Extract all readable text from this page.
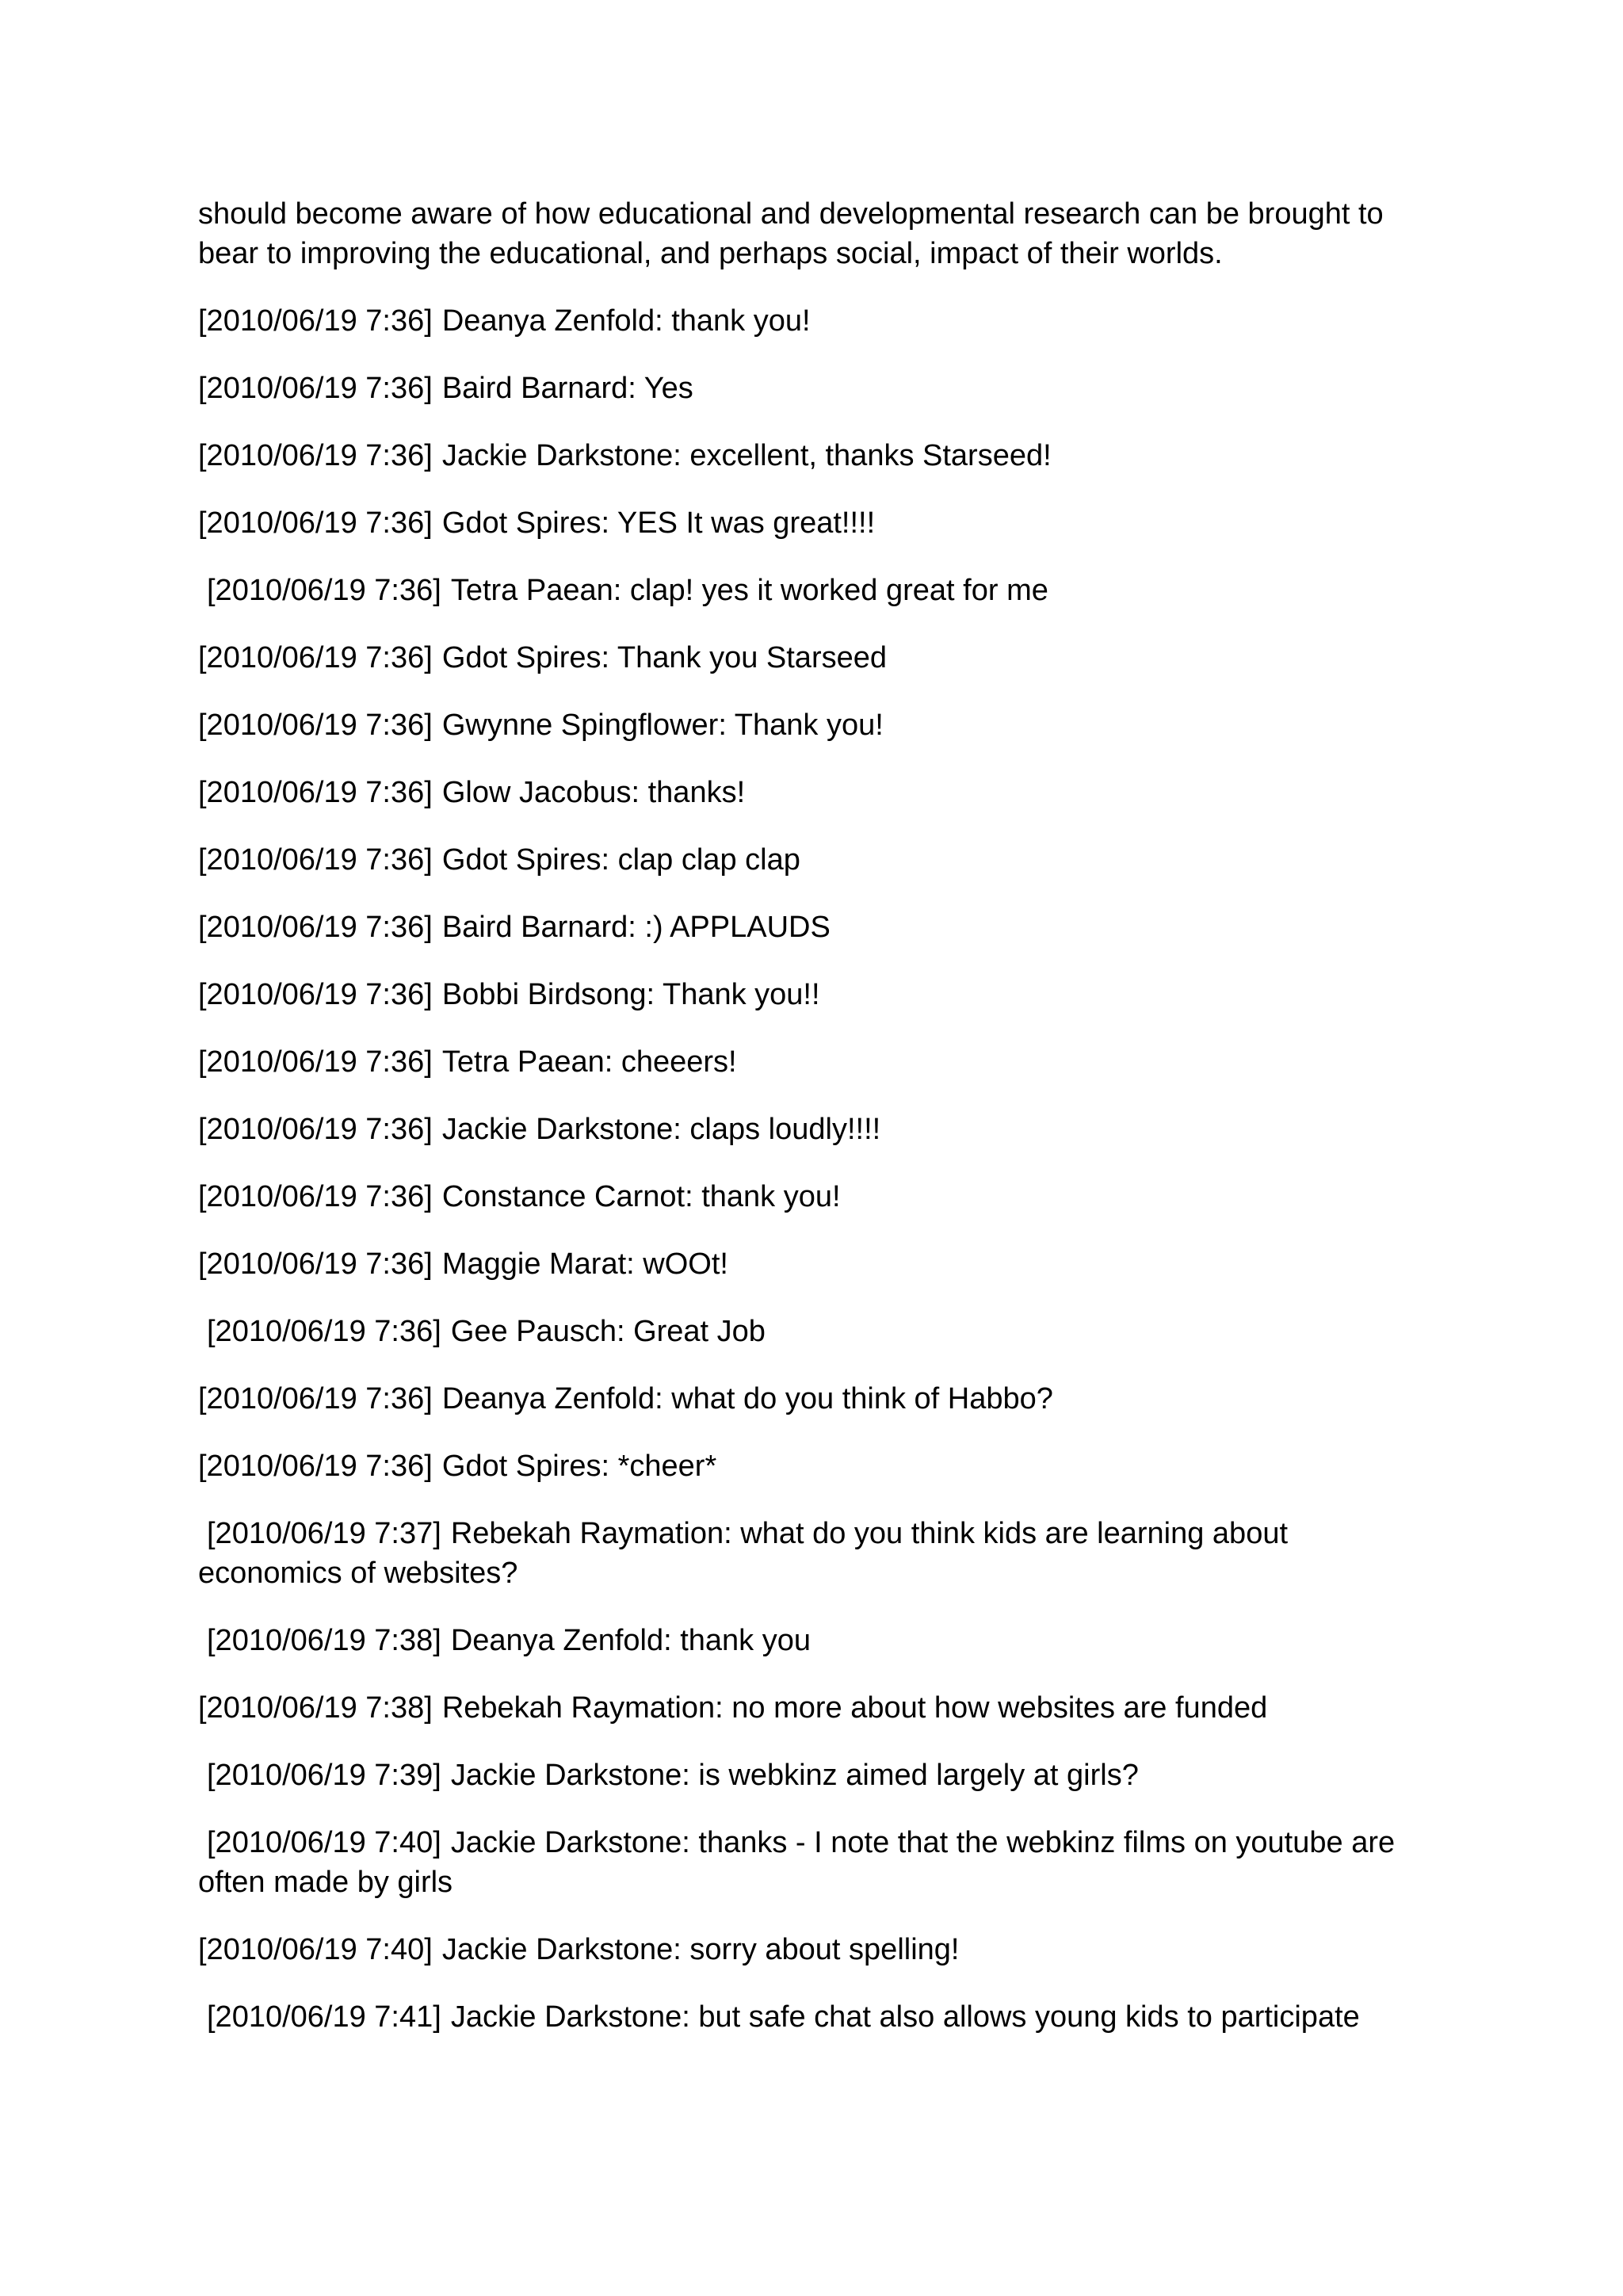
should become aware of how educational and developmental research can be brought to
bear to improving the educational, and perhaps social, impact of their worlds.

[2010/06/19 7:36] Deanya Zenfold: thank you!
[2010/06/19 7:36] Baird Barnard: Yes
[2010/06/19 7:36] Jackie Darkstone: excellent, thanks Starseed!
[2010/06/19 7:36] Gdot Spires: YES It was great!!!!
[2010/06/19 7:36] Tetra Paean: clap! yes it worked great for me
[2010/06/19 7:36] Gdot Spires: Thank you Starseed
[2010/06/19 7:36] Gwynne Spingflower: Thank you!
[2010/06/19 7:36] Glow Jacobus: thanks!
[2010/06/19 7:36] Gdot Spires: clap clap clap
[2010/06/19 7:36] Baird Barnard: :) APPLAUDS
[2010/06/19 7:36] Bobbi Birdsong: Thank you!!
[2010/06/19 7:36] Tetra Paean: cheeers!
[2010/06/19 7:36] Jackie Darkstone: claps loudly!!!!
[2010/06/19 7:36] Constance Carnot: thank you!
[2010/06/19 7:36] Maggie Marat: wOOt!
[2010/06/19 7:36] Gee Pausch: Great Job
[2010/06/19 7:36] Deanya Zenfold: what do you think of Habbo?
[2010/06/19 7:36] Gdot Spires: *cheer*
[2010/06/19 7:37] Rebekah Raymation: what do you think kids are learning about
economics of websites?
[2010/06/19 7:38] Deanya Zenfold: thank you
[2010/06/19 7:38] Rebekah Raymation: no more about how websites are funded
[2010/06/19 7:39] Jackie Darkstone: is webkinz aimed largely at girls?
[2010/06/19 7:40] Jackie Darkstone: thanks - I note that the webkinz films on youtube are
often made by girls
[2010/06/19 7:40] Jackie Darkstone: sorry about spelling!
[2010/06/19 7:41] Jackie Darkstone: but safe chat also allows young kids to participate
